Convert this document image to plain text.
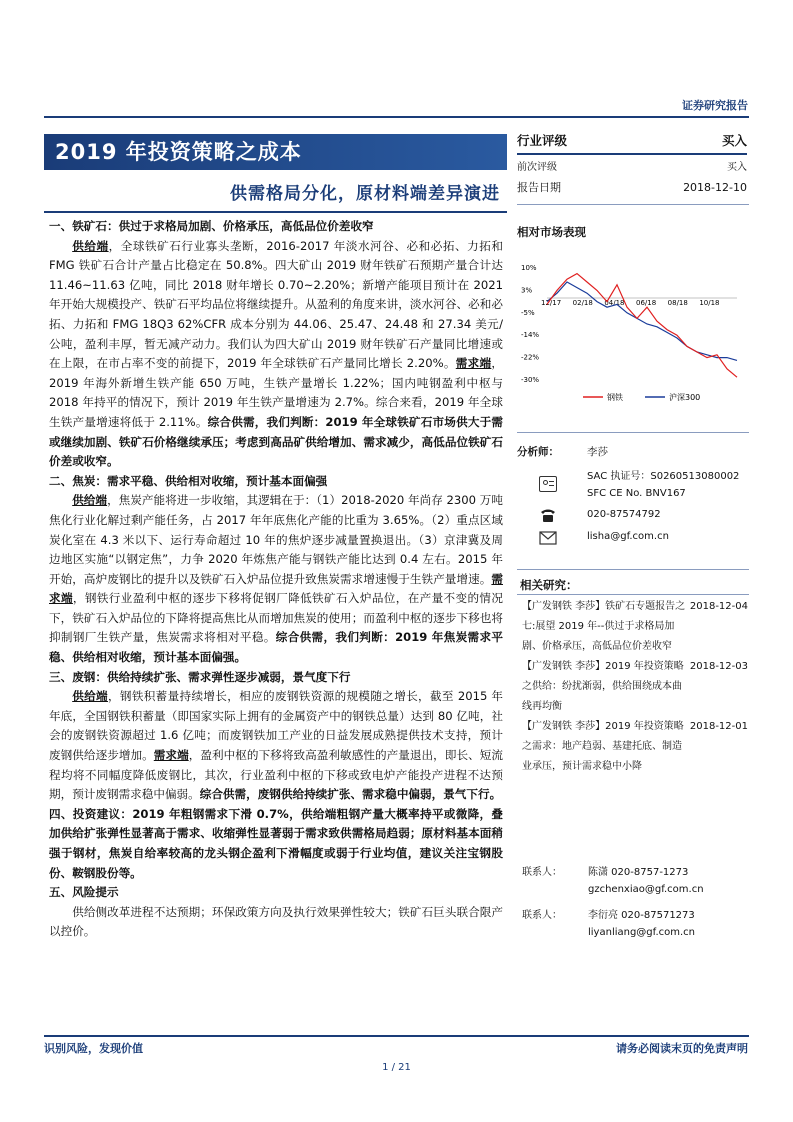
证券研究报告
2019 年投资策略之成本
供需格局分化，原材料端差异演进

一、铁矿石：供过于求格局加剧、价格承压，高低品位价差收窄

供给端，全球铁矿石行业寡头垄断，2016-2017 年淡水河谷、必和必拓、力拓和FMG 铁矿石合计产量占比稳定在 50.8%。四大矿山 2019 财年铁矿石预期产量合计达 11.46~11.63 亿吨，同比 2018 财年增长 0.70~2.20%；新增产能项目预计在 2021 年开始大规模投产、铁矿石平均品位将继续提升。从盈利的角度来讲，淡水河谷、必和必拓、力拓和 FMG 18Q3 62%CFR 成本分别为 44.06、25.47、24.48 和 27.34 美元/公吨，盈利丰厚，暂无减产动力。我们认为四大矿山 2019 财年铁矿石产量同比增速或在上限，在市占率不变的前提下，2019 年全球铁矿石产量同比增长 2.20%。需求端，2019 年海外新增生铁产能 650 万吨，生铁产量增长 1.22%；国内吨钢盈利中枢与 2018 年持平的情况下，预计 2019 年生铁产量增速为 2.7%。综合来看，2019 年全球生铁产量增速将低于 2.11%。综合供需，我们判断：2019 年全球铁矿石市场供大于需或继续加剧、铁矿石价格继续承压；考虑到高品矿供给增加、需求减少，高低品位铁矿石价差或收窄。

二、焦炭：需求平稳、供给相对收缩，预计基本面偏强

供给端，焦炭产能将进一步收缩，其逻辑在于：（1）2018-2020 年尚存 2300 万吨焦化行业化解过剩产能任务，占 2017 年年底焦化产能的比重为 3.65%。（2）重点区域炭化室在 4.3 米以下、运行寿命超过 10 年的焦炉逐步减量置换退出。（3）京津冀及周边地区实施“以钢定焦”，力争 2020 年炼焦产能与钢铁产能比达到 0.4 左右。2015 年开始，高炉废钢比的提升以及铁矿石入炉品位提升致焦炭需求增速慢于生铁产量增速。需求端，钢铁行业盈利中枢的逐步下移将促钢厂降低铁矿石入炉品位，在产量不变的情况下，铁矿石入炉品位的下降将提高焦比从而增加焦炭的使用；而盈利中枢的逐步下移也将抑制钢厂生铁产量，焦炭需求将相对平稳。综合供需，我们判断：2019 年焦炭需求平稳、供给相对收缩，预计基本面偏强。

三、废钢：供给持续扩张、需求弹性逐步减弱，景气度下行

供给端，钢铁积蓄量持续增长，相应的废钢铁资源的规模随之增长，截至 2015 年年底，全国钢铁积蓄量（即国家实际上拥有的金属资产中的钢铁总量）达到 80 亿吨，社会的废钢铁资源超过 1.6 亿吨；而废钢铁加工产业的日益发展成熟提供技术支持，预计废钢供给逐步增加。需求端，盈利中枢的下移将致高盈利敏感性的产量退出，即长、短流程均将不同幅度降低废钢比，其次，行业盈利中枢的下移或致电炉产能投产进程不达预期，预计废钢需求稳中偏弱。综合供需，废钢供给持续扩张、需求稳中偏弱，景气下行。

四、投资建议：2019 年粗钢需求下滑 0.7%，供给端粗钢产量大概率持平或微降，叠加供给扩张弹性显著高于需求、收缩弹性显著弱于需求致供需格局趋弱；原材料基本面稍强于钢材，焦炭自给率较高的龙头钢企盈利下滑幅度或弱于行业均值，建议关注宝钢股份、鞍钢股份等。

五、风险提示

供给侧改革进程不达预期；环保政策方向及执行效果弹性较大；铁矿石巨头联合限产以控价。

行业评级	买入
前次评级	买入
报告日期	2018-12-10
相对市场表现
10%
3%
-5%
-14%
-22%
-30%
12/17 02/18 04/18 06/18 08/18 10/18
钢铁	沪深300
分析师：	李莎
SAC 执证号：S0260513080002
SFC CE No. BNV167
020-87574792
lisha@gf.com.cn
相关研究：
【广发钢铁 李莎】铁矿石专题报告之七:展望 2019 年--供过于求格局加剧、价格承压，高低品位价差收窄
2018-12-04
【广发钢铁 李莎】2019 年投资策略之供给：纷扰渐弱，供给围绕成本曲线再均衡
2018-12-03
【广发钢铁 李莎】2019 年投资策略之需求：地产趋弱、基建托底、制造业承压，预计需求稳中小降
2018-12-01
联系人：	陈潇 020-8757-1273
gzchenxiao@gf.com.cn
联系人：	李衍亮 020-87571273
liyanliang@gf.com.cn
识别风险，发现价值	请务必阅读末页的免责声明
1 / 21
